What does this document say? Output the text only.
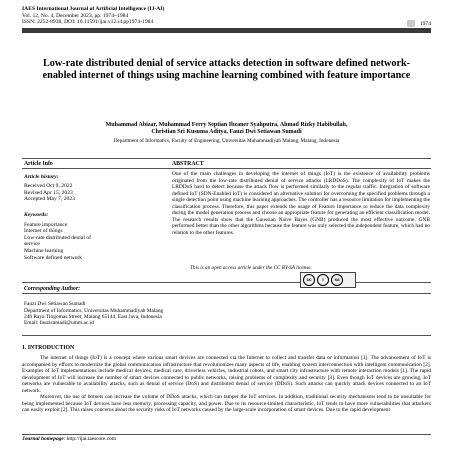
IAES International Journal of Artificial Intelligence (IJ-AI)
Vol. 12, No. 4, December 2023, pp. 1974~1984
ISSN: 2252-8938, DOI: 10.11591/ijai.v12.i4.pp1974-1984	1974
Low-rate distributed denial of service attacks detection in software defined network-enabled internet of things using machine learning combined with feature importance
Muhammad Abizar, Muhammad Ferry Septian Ibzaner Syahputra, Ahmad Rizky Habibullah,
Christian Sri Kusuma Aditya, Fauzi Dwi Setiawan Sumadi
Department of Informatics, Faculty of Engineering, Universitas Muhammadiyah Malang, Malang, Indonesia
Article Info
Article history:
Received Oct 9, 2022
Revised Apr 15, 2023
Accepted May 7, 2023
Keywords:
Feature importance
Internet of things
Low-rate distributed denial of
service
Machine learning
Software defined network
ABSTRACT
One of the main challenges in developing the internet of things (IoT) is the existence of availability problems originated from the low-rate distributed denial of service attacks (LRDDoS). The complexity of IoT makes the LRDDoS hard to detect because the attack flow is performed similarly to the regular traffic. Integration of software defined IoT (SDN-Enabled IoT) is considered an alternative solution for overcoming the specified problems through a single detection point using machine learning approaches. The controller has a resource limitation for implementing the classification process. Therefore, this paper extends the usage of Feature Importance to reduce the data complexity during the model generation process and choose an appropriate feature for generating an efficient classification model. The research results show that the Gaussian Naive Bayes (GNB) produced the most effective outcome. GNB performed better than the other algorithms because the feature was only selected the independent feature, which had no relation to the other features.
This is an open access article under the CC BY-SA license.
cc	i	sa
Corresponding Author:
Fauzi Dwi Setiawan Sumadi
Department of Informatics, Universitas Muhammadiyah Malang
246 Raya Tlogomas Street, Malang 65144, East Java, Indonesia
Email: fauzisumadi@umm.ac.id
1. INTRODUCTION
The internet of things (IoT) is a concept where various smart devices are connected via the Internet to collect and transfer data or information [1]. The advancement of IoT is accompanied by efforts to modernize the global communication infrastructure that revolutionizes many aspects of life, enabling system interconnection with intelligent communication [2]. Examples of IoT implementations include medical devices, medical care, driverless vehicles, industrial robots, and smart city infrastructure with remote interaction models [1]. The rapid development of IoT will increase the number of smart devices connected to public networks, raising problems of complexity and security [3]. Even though IoT devices are growing, IoT networks are vulnerable to availability attacks, such as denial of service (DoS) and distributed denial of service (DDoS). Such attacks can quickly attack devices connected to an IoT network.
Moreover, the use of botnets can increase the volume of DDoS attacks, which can tamper the IoT services. In addition, traditional security mechanisms tend to be unsuitable for being implemented because IoT devices have less memory, processing capacity, and power. Due to its resource-limited characteristic, IoT tends to have more vulnerabilities that attackers can easily exploit [2]. This raises concerns about the security risks of IoT networks caused by the large-scale incorporation of smart devices. Due to the rapid development
Journal homepage: http://ijai.iaescore.com
